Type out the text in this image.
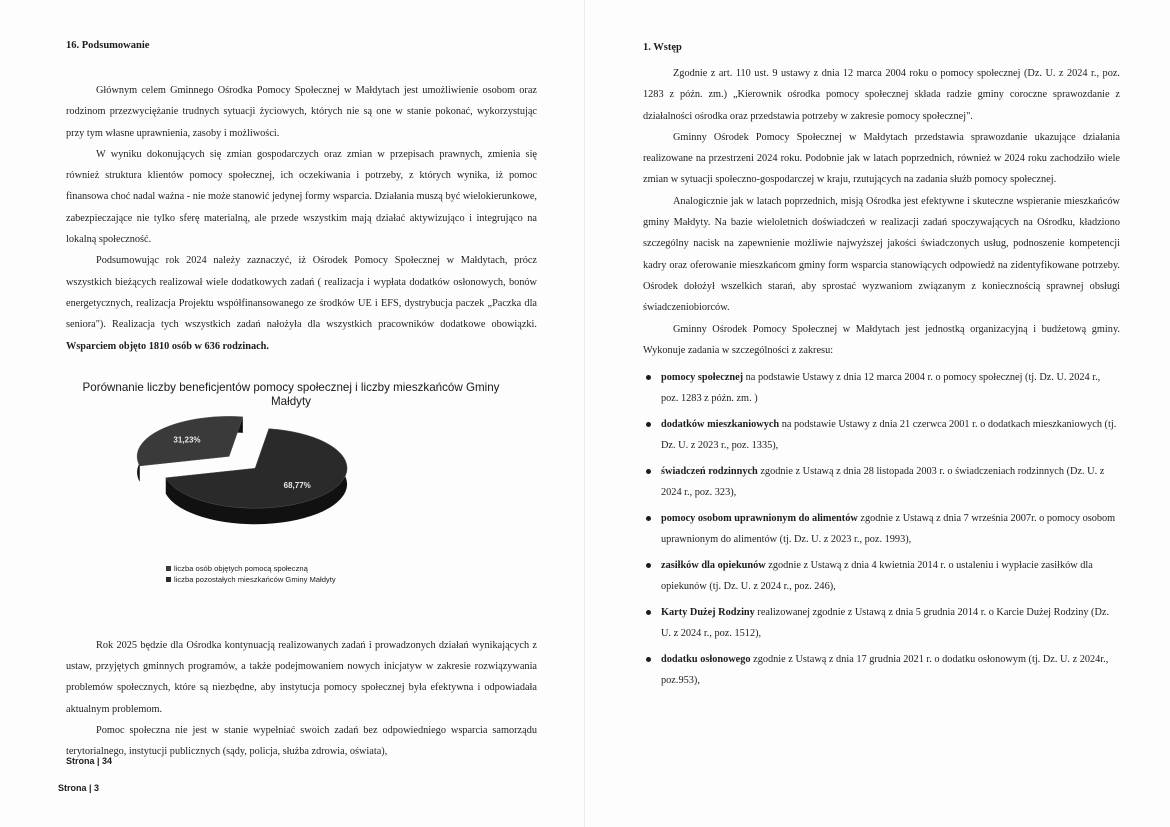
16. Podsumowanie

Głównym celem Gminnego Ośrodka Pomocy Społecznej w Małdytach jest umożliwienie osobom oraz rodzinom przezwyciężanie trudnych sytuacji życiowych, których nie są one w stanie pokonać, wykorzystując przy tym własne uprawnienia, zasoby i możliwości.

W wyniku dokonujących się zmian gospodarczych oraz zmian w przepisach prawnych, zmienia się również struktura klientów pomocy społecznej, ich oczekiwania i potrzeby, z których wynika, iż pomoc finansowa choć nadal ważna - nie może stanowić jedynej formy wsparcia. Działania muszą być wielokierunkowe, zabezpieczające nie tylko sferę materialną, ale przede wszystkim mają działać aktywizująco i integrująco na lokalną społeczność.

Podsumowując rok 2024 należy zaznaczyć, iż Ośrodek Pomocy Społecznej w Małdytach, prócz wszystkich bieżących realizował wiele dodatkowych zadań ( realizacja i wypłata dodatków osłonowych, bonów energetycznych, realizacja Projektu współfinansowanego ze środków UE i EFS, dystrybucja paczek „Paczka dla seniora"). Realizacja tych wszystkich zadań nałożyła dla wszystkich pracowników dodatkowe obowiązki. Wsparciem objęto 1810 osób w 636 rodzinach.

Porównanie liczby beneficjentów pomocy społecznej i liczby mieszkańców Gminy Małdyty
31,23%
68,77%
liczba osób objętych pomocą społeczną
liczba pozostałych mieszkańców Gminy Małdyty

Rok 2025 będzie dla Ośrodka kontynuacją realizowanych zadań i prowadzonych działań wynikających z ustaw, przyjętych gminnych programów, a także podejmowaniem nowych inicjatyw w zakresie rozwiązywania problemów społecznych, które są niezbędne, aby instytucja pomocy społecznej była efektywna i odpowiadała aktualnym problemom.

Pomoc społeczna nie jest w stanie wypełniać swoich zadań bez odpowiedniego wsparcia samorządu terytorialnego, instytucji publicznych (sądy, policja, służba zdrowia, oświata),

Strona | 34
1. Wstęp

Zgodnie z art. 110 ust. 9 ustawy z dnia 12 marca 2004 roku o pomocy społecznej (Dz. U. z 2024 r., poz. 1283 z późn. zm.) „Kierownik ośrodka pomocy społecznej składa radzie gminy coroczne sprawozdanie z działalności ośrodka oraz przedstawia potrzeby w zakresie pomocy społecznej".

Gminny Ośrodek Pomocy Społecznej w Małdytach przedstawia sprawozdanie ukazujące działania realizowane na przestrzeni 2024 roku. Podobnie jak w latach poprzednich, również w 2024 roku zachodziło wiele zmian w sytuacji społeczno-gospodarczej w kraju, rzutujących na zadania służb pomocy społecznej.

Analogicznie jak w latach poprzednich, misją Ośrodka jest efektywne i skuteczne wspieranie mieszkańców gminy Małdyty. Na bazie wieloletnich doświadczeń w realizacji zadań spoczywających na Ośrodku, kładziono szczególny nacisk na zapewnienie możliwie najwyższej jakości świadczonych usług, podnoszenie kompetencji kadry oraz oferowanie mieszkańcom gminy form wsparcia stanowiących odpowiedź na zidentyfikowane potrzeby. Ośrodek dołożył wszelkich starań, aby sprostać wyzwaniom związanym z koniecznością sprawnej obsługi świadczeniobiorców.

Gminny Ośrodek Pomocy Społecznej w Małdytach jest jednostką organizacyjną i budżetową gminy. Wykonuje zadania w szczególności z zakresu:

pomocy społecznej na podstawie Ustawy z dnia 12 marca 2004 r. o pomocy społecznej (tj. Dz. U. 2024 r., poz. 1283 z późn. zm. )
dodatków mieszkaniowych na podstawie Ustawy z dnia 21 czerwca 2001 r. o dodatkach mieszkaniowych (tj. Dz. U. z 2023 r., poz. 1335),
świadczeń rodzinnych zgodnie z Ustawą z dnia 28 listopada 2003 r. o świadczeniach rodzinnych (Dz. U. z 2024 r., poz. 323),
pomocy osobom uprawnionym do alimentów zgodnie z Ustawą z dnia 7 września 2007r. o pomocy osobom uprawnionym do alimentów (tj. Dz. U. z 2023 r., poz. 1993),
zasiłków dla opiekunów zgodnie z Ustawą z dnia 4 kwietnia 2014 r. o ustaleniu i wypłacie zasiłków dla opiekunów (tj. Dz. U. z 2024 r., poz. 246),
Karty Dużej Rodziny realizowanej zgodnie z Ustawą z dnia 5 grudnia 2014 r. o Karcie Dużej Rodziny (Dz. U. z 2024 r., poz. 1512),
dodatku osłonowego zgodnie z Ustawą z dnia 17 grudnia 2021 r. o dodatku osłonowym (tj. Dz. U. z 2024r., poz.953),
Strona | 3
